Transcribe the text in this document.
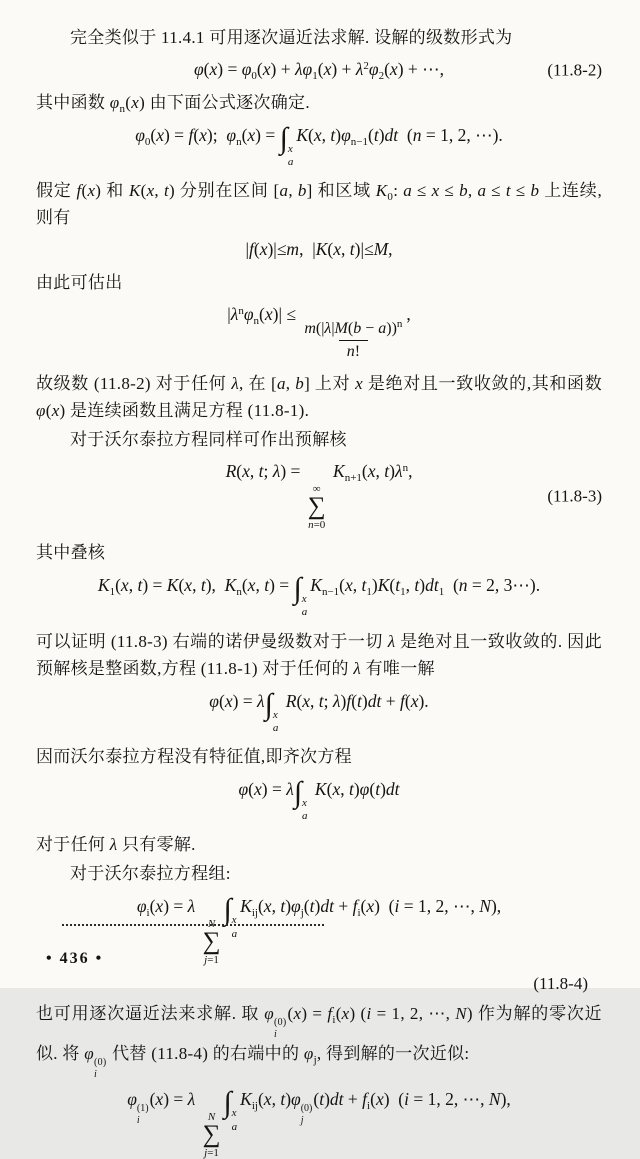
完全类似于 11.4.1 可用逐次逼近法求解. 设解的级数形式为

$\varphi(x) = \varphi_0(x) + \lambda\varphi_1(x) + \lambda^2\varphi_2(x)$ + ⋯,	(11.8-2)

其中函数 $\varphi_n(x)$ 由下面公式逐次确定.

$\varphi_0(x) = f(x)$;  $\varphi_n(x)$ = ∫ x
a
K(x, $t)\varphi_{n-1}(t)dt$  (n = 1, 2, ⋯).

假定 f(x) 和 K(x, t) 分别在区间 [a, b] 和区域 $K_0$: a ≤ x ≤ b, a ≤ t ≤ b 上连续,则有

|f(x)|≤m,  |K(x, t)|≤M,

由此可估出

$|\lambda^n\varphi_n(x)|$ ≤
$\frac{m(|\lambda|M(b - a))^n}{n!}$
,

故级数 (11.8-2) 对于任何 λ, 在 [a, b] 上对 x 是绝对且一致收敛的,其和函数 φ(x) 是连续函数且满足方程 (11.8-1).

对于沃尔泰拉方程同样可作出预解核

R(x, t; λ) =
∞
∑
n=0
$K_{n+1}(x$, $t)\lambda^n$,
(11.8-3)

其中叠核

$K_1(x$, t) = K(x, t),  $K_n(x$, t) = ∫ x
a
$K_{n-1}(x$, $t_1)K(t_1$, $t)dt_1$  (n = 2, 3⋯).

可以证明 (11.8-3) 右端的诺伊曼级数对于一切 λ 是绝对且一致收敛的. 因此预解核是整函数,方程 (11.8-1) 对于任何的 λ 有唯一解

φ(x) = λ∫ x
a
R(x, t; λ)f(t)dt + f(x).

因而沃尔泰拉方程没有特征值,即齐次方程

φ(x) = λ∫ x
a
K(x, t)φ(t)dt

对于任何 λ 只有零解.

对于沃尔泰拉方程组:

$\varphi_i(x) = \lambda$
N
∑
j=1
∫ x
a
$K_{ij}(x$, $t)\varphi_j(t)dt + f_i(x)$  (i = 1, 2, ⋯, N),
(11.8-4)

也可用逐次逼近法来求解. 取 φ (0)
i
$(x) = f_i(x) (i = 1$, 2, ⋯, N) 作为解的零次近似. 将 φ (0)
i
代替 (11.8-4) 的右端中的 $\varphi_j$, 得到解的一次近似:

φ (1)
i
(x) = λ
N
∑
j=1
∫ x
a
$K_{ij}(x$, t)φ (0)
j
$(t)dt + f_i(x) (i = 1$, 2, ⋯, N),
• 436 •
